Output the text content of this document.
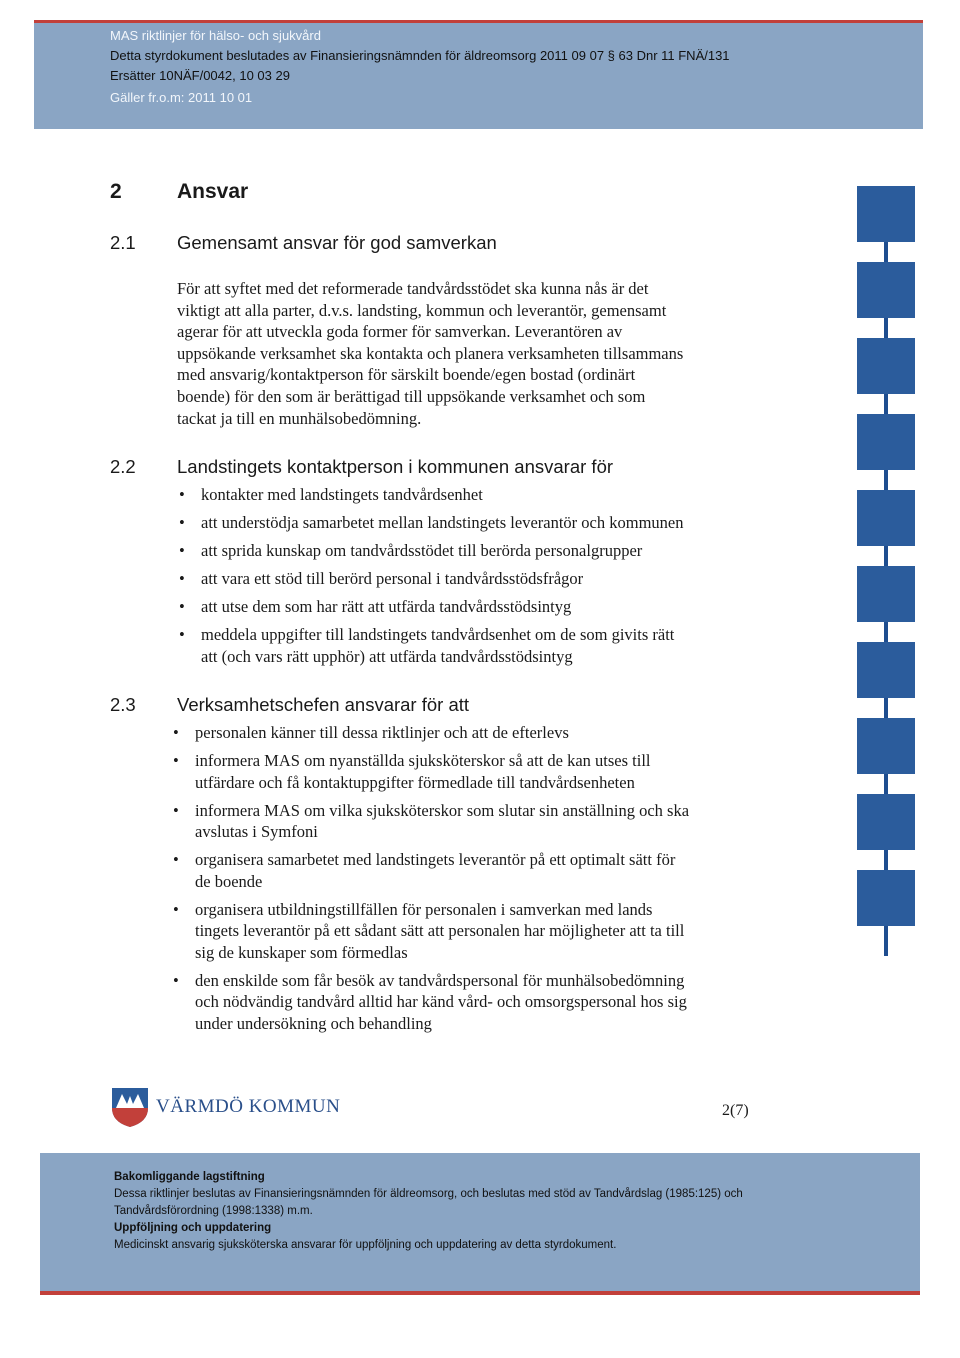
MAS riktlinjer för hälso- och sjukvård
Detta styrdokument beslutades av Finansieringsnämnden för äldreomsorg 2011 09 07 § 63 Dnr 11 FNÄ/131
Ersätter 10NÄF/0042, 10 03 29
Gäller fr.o.m: 2011 10 01
2	Ansvar
2.1 Gemensamt ansvar för god samverkan
För att syftet med det reformerade tandvårdsstödet ska kunna nås är det
viktigt att alla parter, d.v.s. landsting, kommun och leverantör, gemensamt
agerar för att utveckla goda former för samverkan. Leverantören av
uppsökande verksamhet ska kontakta och planera verksamheten tillsammans
med ansvarig/kontaktperson för särskilt boende/egen bostad (ordinärt
boende) för den som är berättigad till uppsökande verksamhet och som
tackat ja till en munhälsobedömning.
2.2 Landstingets kontaktperson i kommunen ansvarar för
• kontakter med landstingets tandvårdsenhet
• att understödja samarbetet mellan landstingets leverantör och kommunen
• att sprida kunskap om tandvårdsstödet till berörda personalgrupper
• att vara ett stöd till berörd personal i tandvårdsstödsfrågor
• att utse dem som har rätt att utfärda tandvårdsstödsintyg
• meddela uppgifter till landstingets tandvårdsenhet om de som givits rätt
att (och vars rätt upphör) att utfärda tandvårdsstödsintyg
2.3 Verksamhetschefen ansvarar för att
• personalen känner till dessa riktlinjer och att de efterlevs
• informera MAS om nyanställda sjuksköterskor så att de kan utses till
utfärdare och få kontaktuppgifter förmedlade till tandvårdsenheten
• informera MAS om vilka sjuksköterskor som slutar sin anställning och ska
avslutas i Symfoni
• organisera samarbetet med landstingets leverantör på ett optimalt sätt för
de boende
• organisera utbildningstillfällen för personalen i samverkan med lands
tingets leverantör på ett sådant sätt att personalen har möjligheter att ta till
sig de kunskaper som förmedlas
• den enskilde som får besök av tandvårdspersonal för munhälsobedömning
och nödvändig tandvård alltid har känd vård- och omsorgspersonal hos sig
under undersökning och behandling
VÄRMDÖ KOMMUN	2(7)
Bakomliggande lagstiftning
Dessa riktlinjer beslutas av Finansieringsnämnden för äldreomsorg, och beslutas med stöd av Tandvårdslag (1985:125) och
Tandvårdsförordning (1998:1338) m.m.
Uppföljning och uppdatering
Medicinskt ansvarig sjuksköterska ansvarar för uppföljning och uppdatering av detta styrdokument.
